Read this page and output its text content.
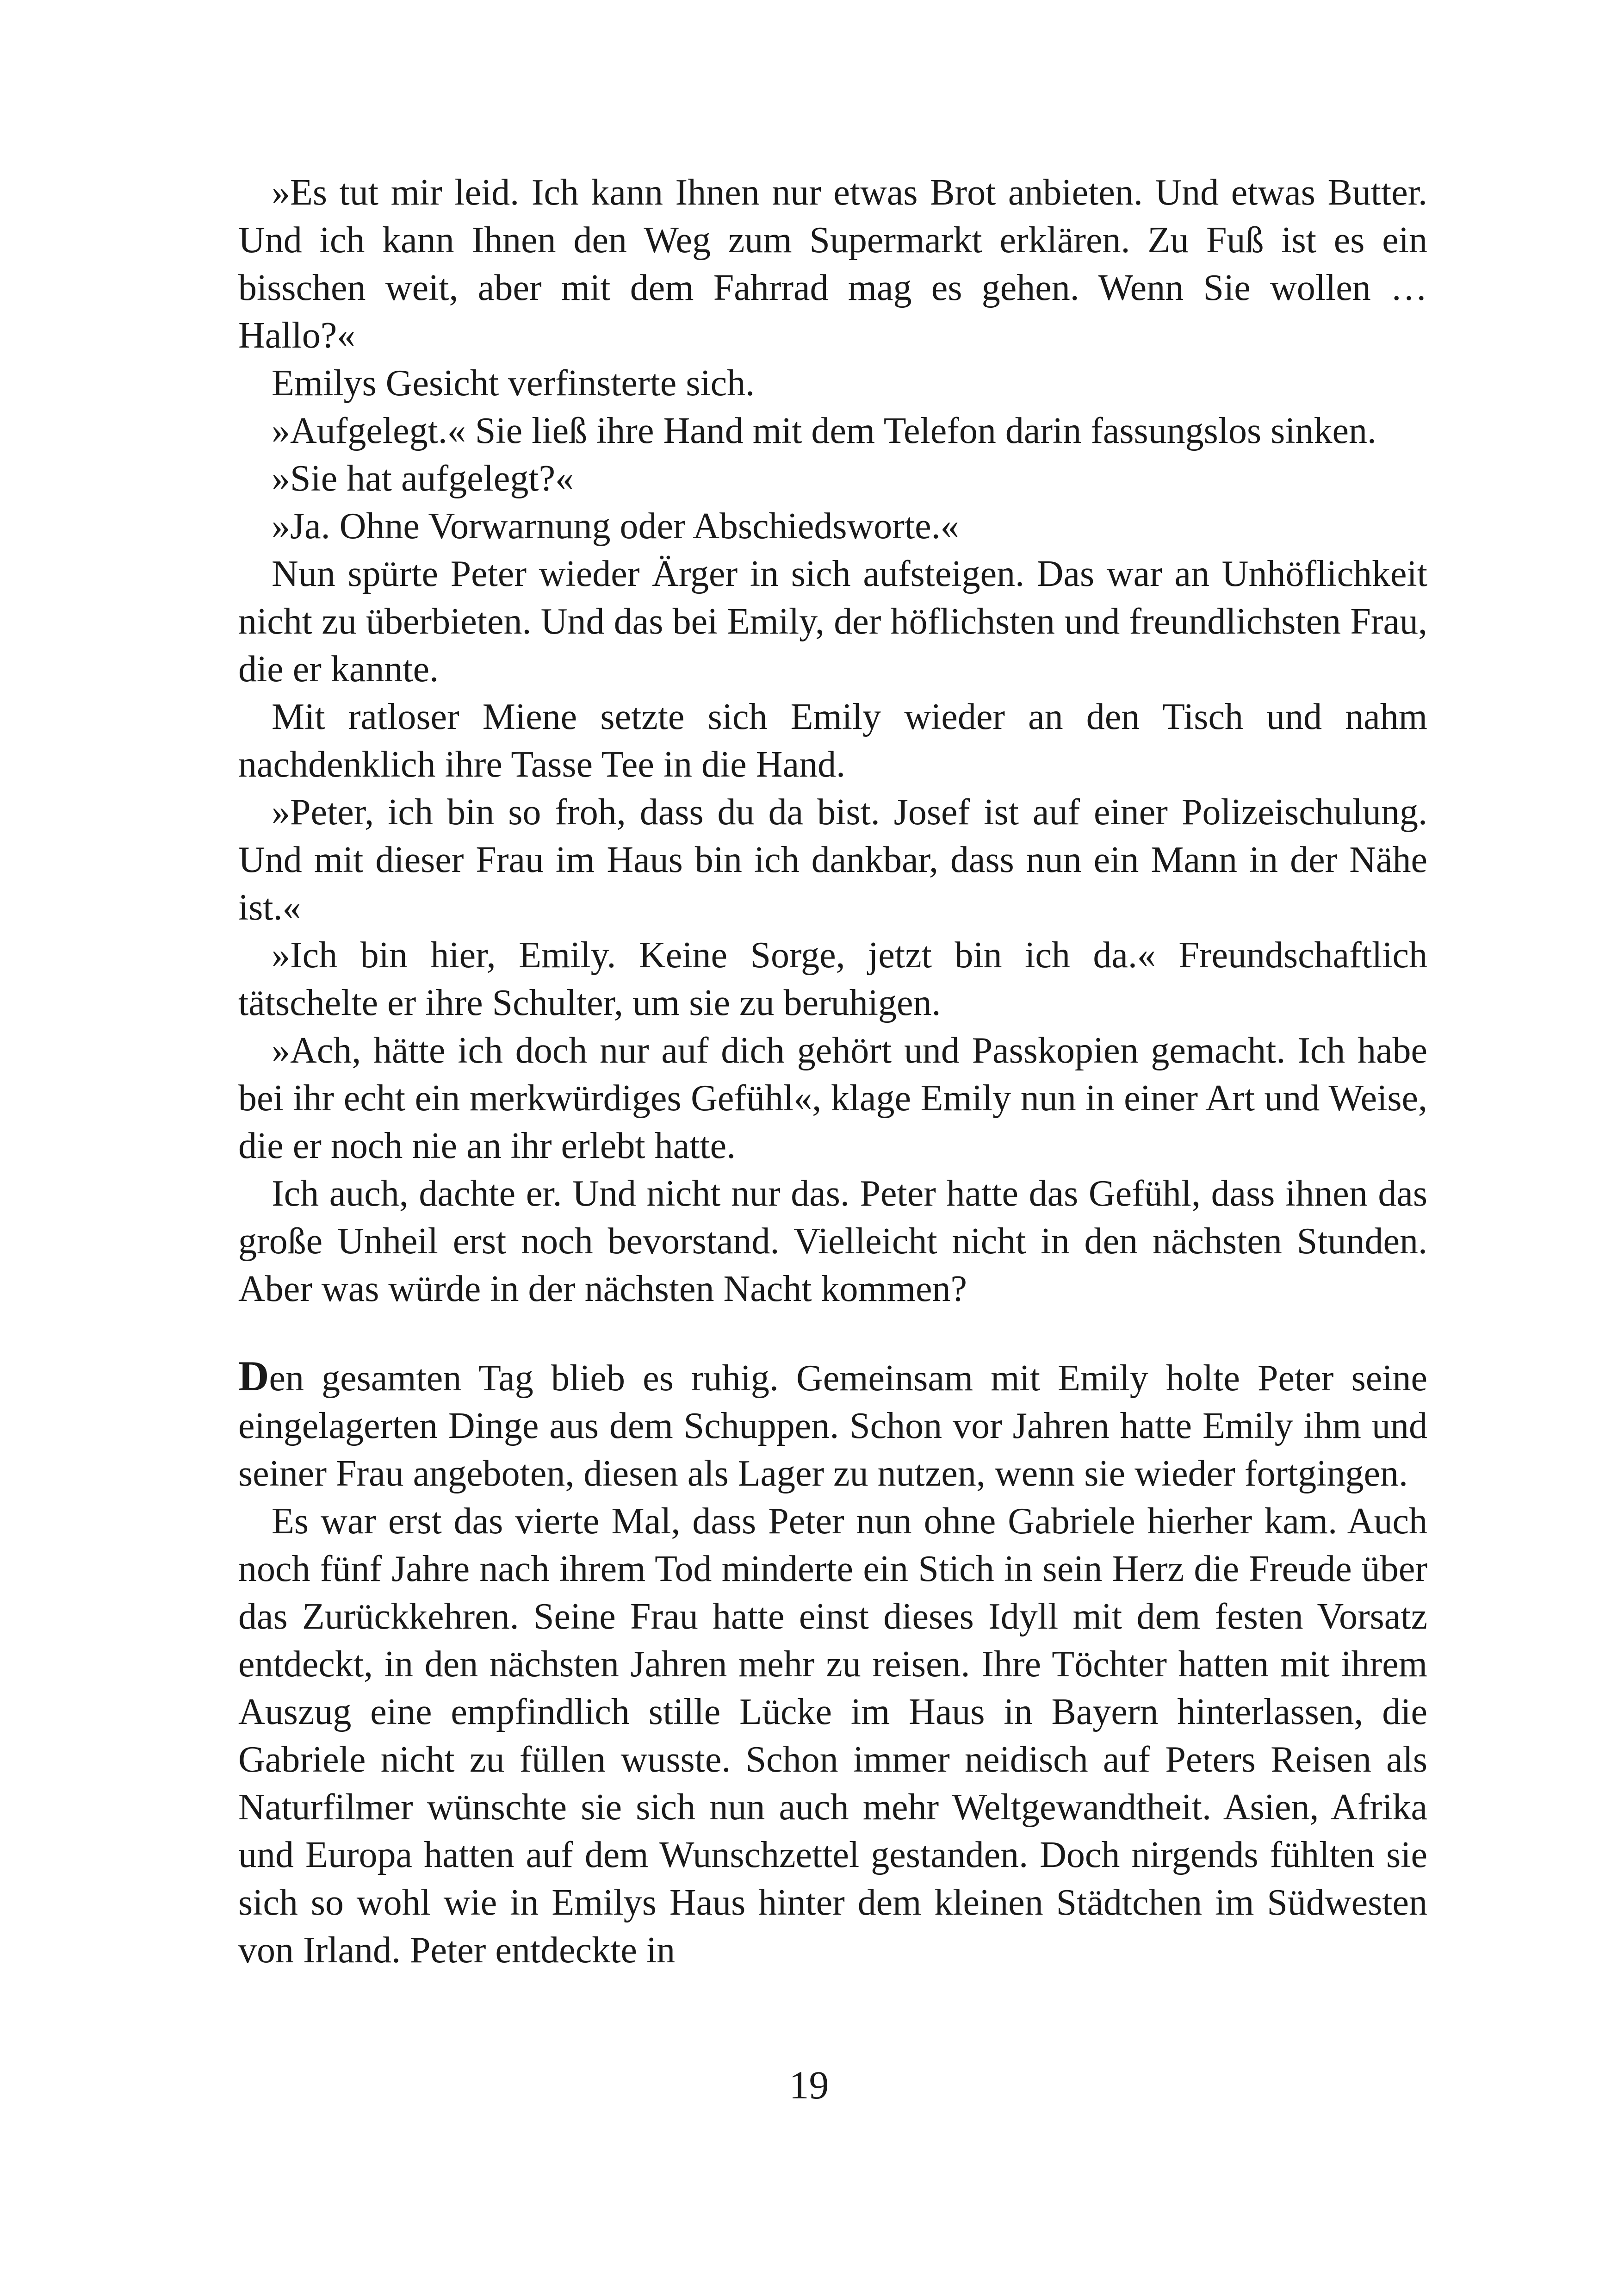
»Es tut mir leid. Ich kann Ihnen nur etwas Brot anbieten. Und etwas Butter. Und ich kann Ihnen den Weg zum Supermarkt erklären. Zu Fuß ist es ein bisschen weit, aber mit dem Fahrrad mag es gehen. Wenn Sie wollen … Hallo?«

Emilys Gesicht verfinsterte sich.

»Aufgelegt.« Sie ließ ihre Hand mit dem Telefon darin fassungslos sinken.

»Sie hat aufgelegt?«

»Ja. Ohne Vorwarnung oder Abschiedsworte.«

Nun spürte Peter wieder Ärger in sich aufsteigen. Das war an Unhöflichkeit nicht zu überbieten. Und das bei Emily, der höflichsten und freundlichsten Frau, die er kannte.

Mit ratloser Miene setzte sich Emily wieder an den Tisch und nahm nachdenklich ihre Tasse Tee in die Hand.

»Peter, ich bin so froh, dass du da bist. Josef ist auf einer Polizeischulung. Und mit dieser Frau im Haus bin ich dankbar, dass nun ein Mann in der Nähe ist.«

»Ich bin hier, Emily. Keine Sorge, jetzt bin ich da.« Freundschaftlich tätschelte er ihre Schulter, um sie zu beruhigen.

»Ach, hätte ich doch nur auf dich gehört und Passkopien gemacht. Ich habe bei ihr echt ein merkwürdiges Gefühl«, klage Emily nun in einer Art und Weise, die er noch nie an ihr erlebt hatte.

Ich auch, dachte er. Und nicht nur das. Peter hatte das Gefühl, dass ihnen das große Unheil erst noch bevorstand. Vielleicht nicht in den nächsten Stunden. Aber was würde in der nächsten Nacht kommen?

Den gesamten Tag blieb es ruhig. Gemeinsam mit Emily holte Peter seine eingelagerten Dinge aus dem Schuppen. Schon vor Jahren hatte Emily ihm und seiner Frau angeboten, diesen als Lager zu nutzen, wenn sie wieder fortgingen.

Es war erst das vierte Mal, dass Peter nun ohne Gabriele hierher kam. Auch noch fünf Jahre nach ihrem Tod minderte ein Stich in sein Herz die Freude über das Zurückkehren. Seine Frau hatte einst dieses Idyll mit dem festen Vorsatz entdeckt, in den nächsten Jahren mehr zu reisen. Ihre Töchter hatten mit ihrem Auszug eine empfindlich stille Lücke im Haus in Bayern hinterlassen, die Gabriele nicht zu füllen wusste. Schon immer neidisch auf Peters Reisen als Naturfilmer wünschte sie sich nun auch mehr Weltgewandtheit. Asien, Afrika und Europa hatten auf dem Wunschzettel gestanden. Doch nirgends fühlten sie sich so wohl wie in Emilys Haus hinter dem kleinen Städtchen im Südwesten von Irland. Peter entdeckte in

19
